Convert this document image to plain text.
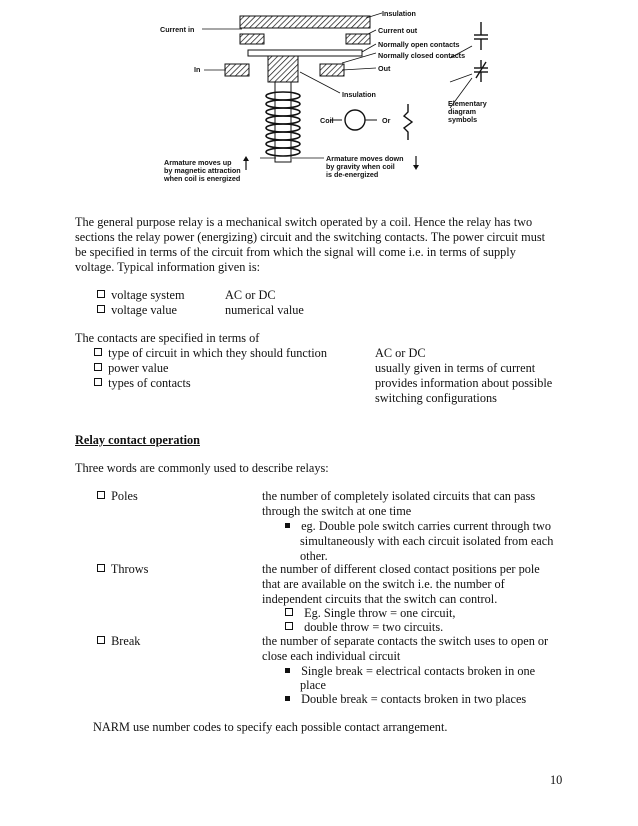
Insulation
Current in	Current out
Normally open contacts
Normally closed contacts
In	Out
Insulation
Coil	Or
Elementary
diagram
symbols
Armature moves up
by magnetic attraction
when coil is energized
Armature moves down
by gravity when coil
is de-energized
The general purpose relay is a mechanical switch operated by a coil. Hence the relay has two
sections the relay power (energizing) circuit and the switching contacts. The power circuit must
be specified in terms of the circuit from which the signal will come i.e. in terms of supply
voltage. Typical information given is:
voltage system	AC or DC
voltage value	numerical value
The contacts are specified in terms of
type of circuit in which they should function	AC or DC
power value	usually given in terms of current
types of contacts	provides information about possible
switching configurations
Relay contact operation
Three words are commonly used to describe relays:
Poles	the number of completely isolated circuits that can pass
through the switch at one time
eg. Double pole switch carries current through two
simultaneously with each circuit isolated from each
other.
Throws	the number of different closed contact positions per pole
that are available on the switch i.e. the number of
independent circuits that the switch can control.
Eg. Single throw = one circuit,
double throw = two circuits.
Break	the number of separate contacts the switch uses to open or
close each individual circuit
Single break = electrical contacts broken in one
place
Double break = contacts broken in two places
NARM use number codes to specify each possible contact arrangement.
10
